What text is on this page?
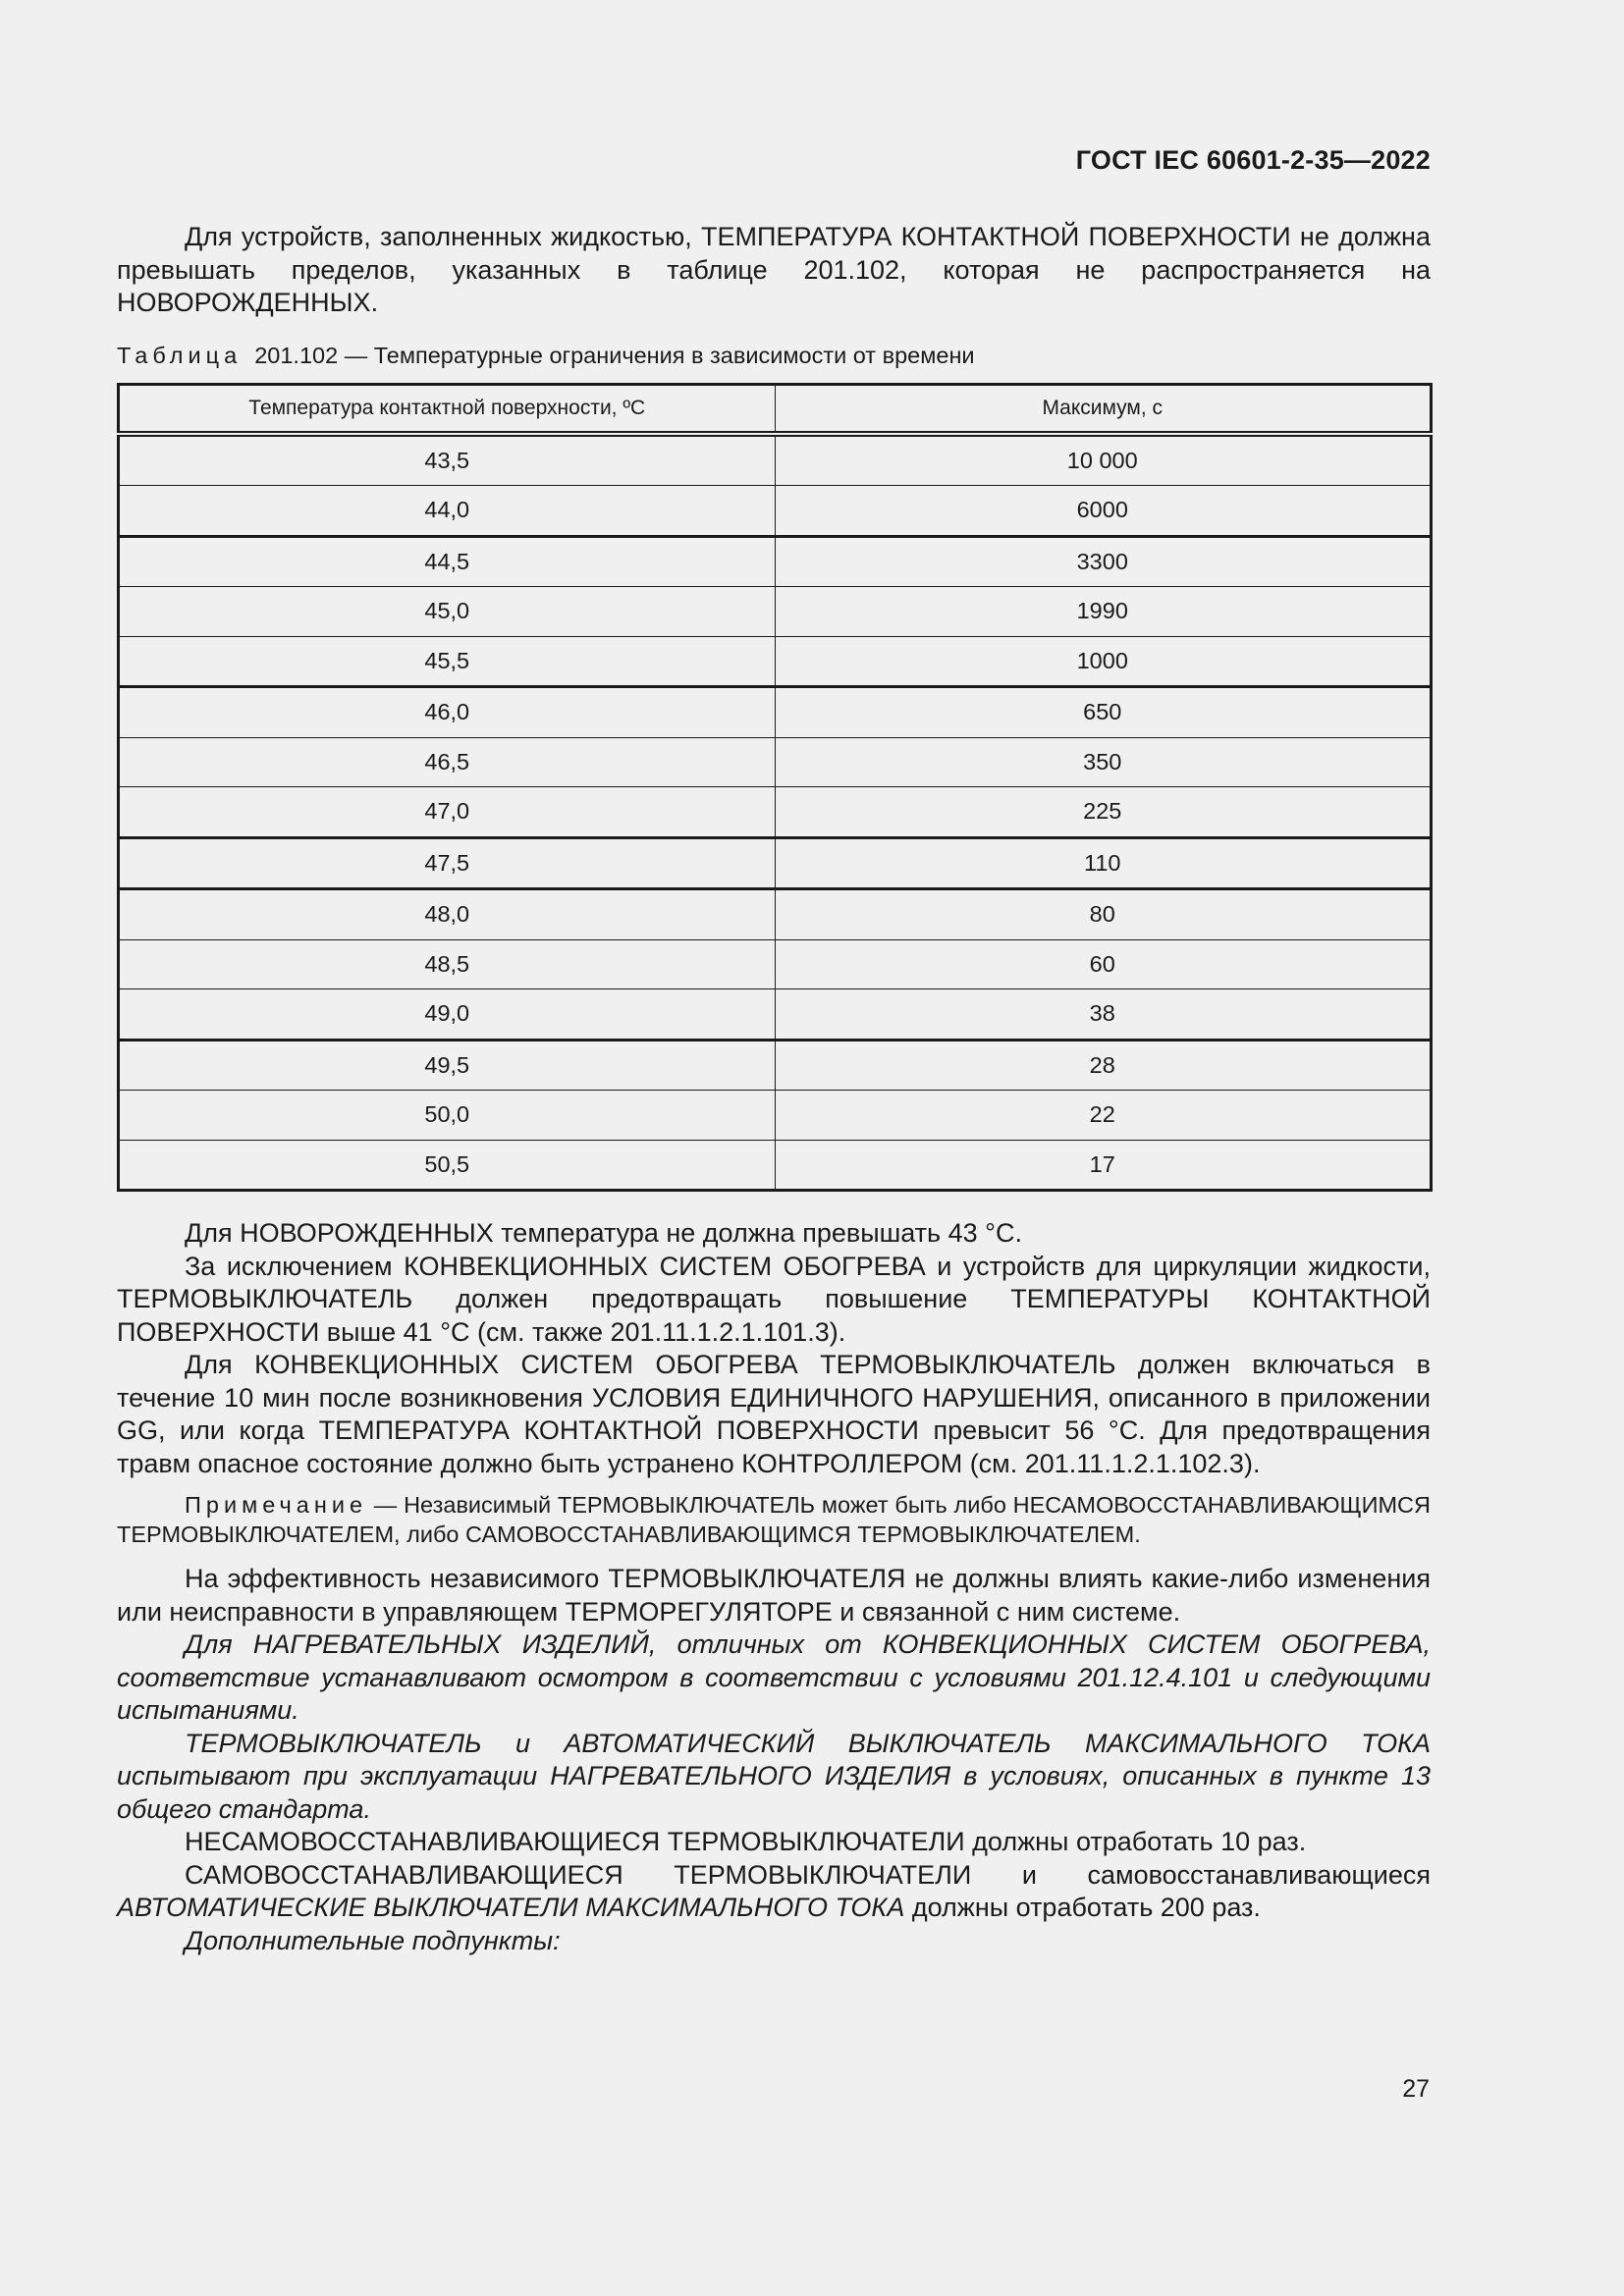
ГОСТ IEC 60601-2-35—2022

Для устройств, заполненных жидкостью, ТЕМПЕРАТУРА КОНТАКТНОЙ ПОВЕРХНОСТИ не должна превышать пределов, указанных в таблице 201.102, которая не распространяется на НОВОРОЖДЕННЫХ.

Таблица 201.102 — Температурные ограничения в зависимости от времени

Температура контактной поверхности, ºС	Максимум, с
43,5	10 000
44,0	6000
44,5	3300
45,0	1990
45,5	1000
46,0	650
46,5	350
47,0	225
47,5	110
48,0	80
48,5	60
49,0	38
49,5	28
50,0	22
50,5	17

Для НОВОРОЖДЕННЫХ температура не должна превышать 43 °С.

За исключением КОНВЕКЦИОННЫХ СИСТЕМ ОБОГРЕВА и устройств для циркуляции жидкости, ТЕРМОВЫКЛЮЧАТЕЛЬ должен предотвращать повышение ТЕМПЕРАТУРЫ КОНТАКТНОЙ ПОВЕРХНОСТИ выше 41 °С (см. также 201.11.1.2.1.101.3).

Для КОНВЕКЦИОННЫХ СИСТЕМ ОБОГРЕВА ТЕРМОВЫКЛЮЧАТЕЛЬ должен включаться в течение 10 мин после возникновения УСЛОВИЯ ЕДИНИЧНОГО НАРУШЕНИЯ, описанного в приложении GG, или когда ТЕМПЕРАТУРА КОНТАКТНОЙ ПОВЕРХНОСТИ превысит 56 °С. Для предотвращения травм опасное состояние должно быть устранено КОНТРОЛЛЕРОМ (см. 201.11.1.2.1.102.3).

Примечание — Независимый ТЕРМОВЫКЛЮЧАТЕЛЬ может быть либо НЕСАМОВОССТАНАВЛИВАЮЩИМСЯ ТЕРМОВЫКЛЮЧАТЕЛЕМ, либо САМОВОССТАНАВЛИВАЮЩИМСЯ ТЕРМОВЫКЛЮЧАТЕЛЕМ.

На эффективность независимого ТЕРМОВЫКЛЮЧАТЕЛЯ не должны влиять какие-либо изменения или неисправности в управляющем ТЕРМОРЕГУЛЯТОРЕ и связанной с ним системе.

Для НАГРЕВАТЕЛЬНЫХ ИЗДЕЛИЙ, отличных от КОНВЕКЦИОННЫХ СИСТЕМ ОБОГРЕВА, соответствие устанавливают осмотром в соответствии с условиями 201.12.4.101 и следующими испытаниями.

ТЕРМОВЫКЛЮЧАТЕЛЬ и АВТОМАТИЧЕСКИЙ ВЫКЛЮЧАТЕЛЬ МАКСИМАЛЬНОГО ТОКА испытывают при эксплуатации НАГРЕВАТЕЛЬНОГО ИЗДЕЛИЯ в условиях, описанных в пункте 13 общего стандарта.

НЕСАМОВОССТАНАВЛИВАЮЩИЕСЯ ТЕРМОВЫКЛЮЧАТЕЛИ должны отработать 10 раз.

САМОВОССТАНАВЛИВАЮЩИЕСЯ ТЕРМОВЫКЛЮЧАТЕЛИ и самовосстанавливающиеся АВТОМАТИЧЕСКИЕ ВЫКЛЮЧАТЕЛИ МАКСИМАЛЬНОГО ТОКА должны отработать 200 раз.

Дополнительные подпункты:

27
